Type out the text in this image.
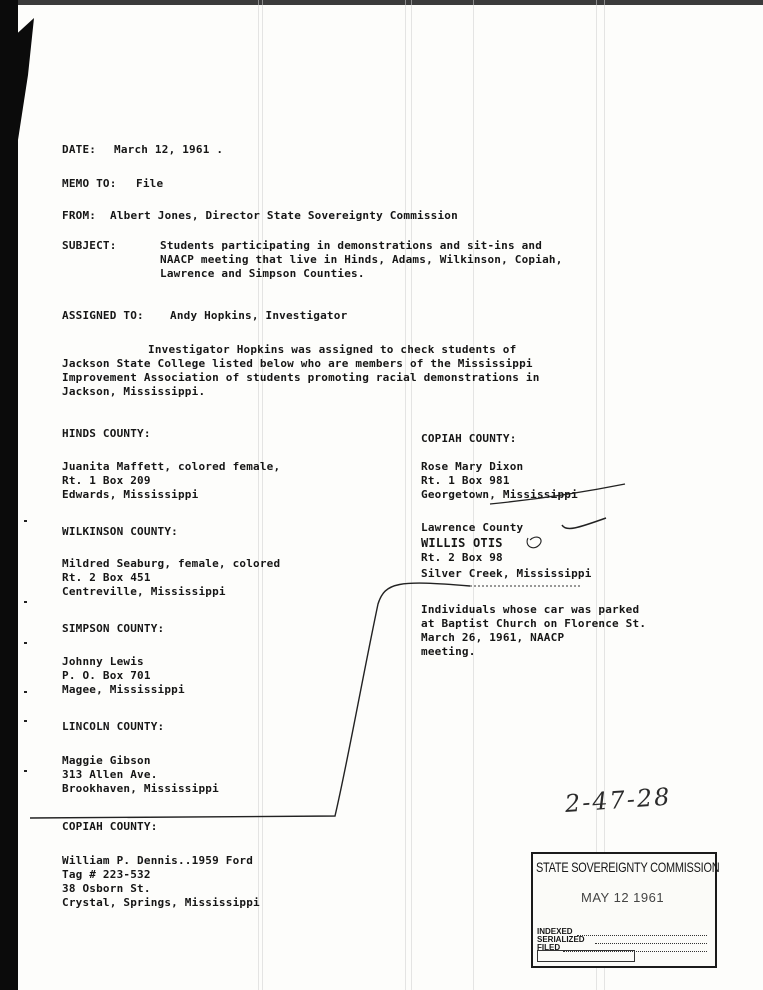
DATE: March 12, 1961 .
MEMO TO: File
FROM: Albert Jones, Director State Sovereignty Commission
SUBJECT:	Students participating in demonstrations and sit-ins and
NAACP meeting that live in Hinds, Adams, Wilkinson, Copiah,
Lawrence and Simpson Counties.
ASSIGNED TO: Andy Hopkins, Investigator
Investigator Hopkins was assigned to check students of
Jackson State College listed below who are members of the Mississippi
Improvement Association of students promoting racial demonstrations in
Jackson, Mississippi.
HINDS COUNTY:
Juanita Maffett, colored female,
Rt. 1 Box 209
Edwards, Mississippi
WILKINSON COUNTY:
Mildred Seaburg, female, colored
Rt. 2 Box 451
Centreville, Mississippi
SIMPSON COUNTY:
Johnny Lewis
P. O. Box 701
Magee, Mississippi
LINCOLN COUNTY:
Maggie Gibson
313 Allen Ave.
Brookhaven, Mississippi
COPIAH COUNTY:
William P. Dennis..1959 Ford
Tag # 223-532
38 Osborn St.
Crystal, Springs, Mississippi
COPIAH COUNTY:
Rose Mary Dixon
Rt. 1 Box 981
Georgetown, Mississippi
Lawrence County
WILLIS OTIS
Rt. 2 Box 98
Silver Creek, Mississippi
Individuals whose car was parked
at Baptist Church on Florence St.
March 26, 1961, NAACP
meeting.
2-47-28
STATE SOVEREIGNTY COMMISSION
MAY 12 1961
INDEXED
SERIALIZED
FILED
